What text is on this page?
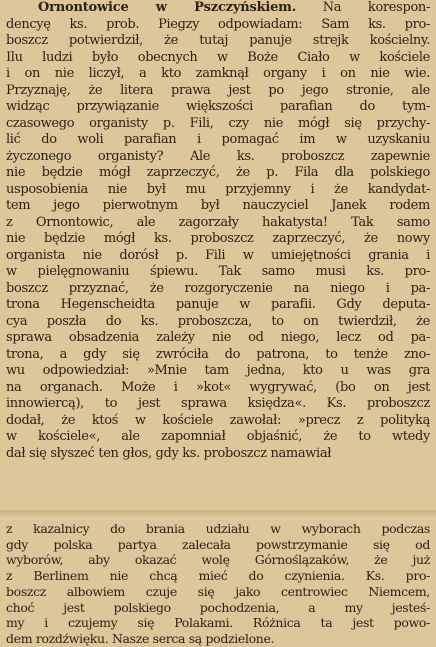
Ornontowice w Pszczyńskiem. Na korespon-
dencyę ks. prob. Piegzy odpowiadam: Sam ks. pro-
boszcz potwierdził, że tutaj panuje strejk kościelny.
Ilu ludzi było obecnych w Boże Ciało w kościele
i on nie liczył, a kto zamknął organy i on nie wie.
Przyznaję, że litera prawa jest po jego stronie, ale
widząc przywiązanie większości parafian do tym-
czasowego organisty p. Fili, czy nie mógł się przychy-
lić do woli parafian i pomagać im w uzyskaniu
życzonego organisty? Ale ks. proboszcz zapewnie
nie będzie mógł zaprzeczyć, że p. Fila dla polskiego
usposobienia nie był mu przyjemny i że kandydat-
tem jego pierwotnym był nauczyciel Janek rodem
z Ornontowic, ale zagorzały hakatysta! Tak samo
nie będzie mógł ks. proboszcz zaprzeczyć, że nowy
organista nie dorósł p. Fili w umiejętności grania i
w pielęgnowaniu śpiewu. Tak samo musi ks. pro-
boszcz przyznać, że rozgoryczenie na niego i pa-
trona Hegenscheidta panuje w parafii. Gdy deputa-
cya poszła do ks. proboszcza, to on twierdził, że
sprawa obsadzenia zależy nie od niego, lecz od pa-
trona, a gdy się zwróciła do patrona, to tenże zno-
wu odpowiedział: »Mnie tam jedna, kto u was gra
na organach. Może i »kot« wygrywać, (bo on jest
innowiercą), to jest sprawa księdza«. Ks. proboszcz
dodał, że ktoś w kościele zawołał: »precz z polityką
w kościele«, ale zapomniał objaśnić, że to wtedy
dał się słyszeć ten głos, gdy ks. proboszcz namawiał
z kazalnicy do brania udziału w wyborach podczas
gdy polska partya zalecała powstrzymanie się od
wyborów, aby okazać wolę Górnoślązaków, że już
z Berlinem nie chcą mieć do czynienia. Ks. pro-
boszcz albowiem czuje się jako centrowiec Niemcem,
choć jest polskiego pochodzenia, a my jesteś-
my i czujemy się Polakami. Różnica ta jest powo-
dem rozdźwięku. Nasze serca są podzielone.
